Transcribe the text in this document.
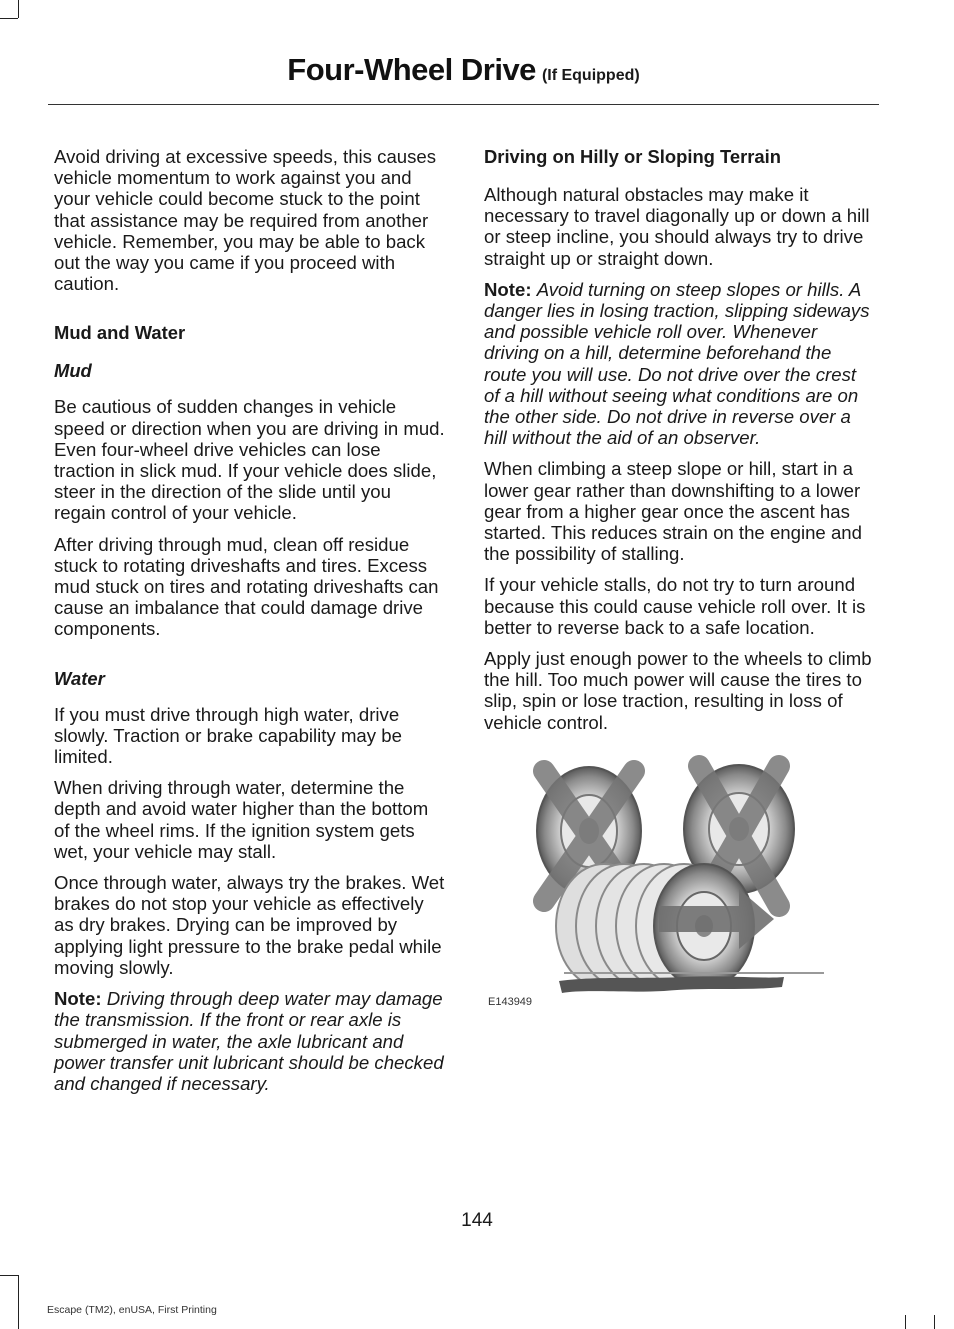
Four-Wheel Drive (If Equipped)

Avoid driving at excessive speeds, this causes vehicle momentum to work against you and your vehicle could become stuck to the point that assistance may be required from another vehicle. Remember, you may be able to back out the way you came if you proceed with caution.

Mud and Water
Mud

Be cautious of sudden changes in vehicle speed or direction when you are driving in mud. Even four-wheel drive vehicles can lose traction in slick mud. If your vehicle does slide, steer in the direction of the slide until you regain control of your vehicle.

After driving through mud, clean off residue stuck to rotating driveshafts and tires. Excess mud stuck on tires and rotating driveshafts can cause an imbalance that could damage drive components.

Water

If you must drive through high water, drive slowly. Traction or brake capability may be limited.

When driving through water, determine the depth and avoid water higher than the bottom of the wheel rims. If the ignition system gets wet, your vehicle may stall.

Once through water, always try the brakes. Wet brakes do not stop your vehicle as effectively as dry brakes. Drying can be improved by applying light pressure to the brake pedal while moving slowly.

Note: Driving through deep water may damage the transmission. If the front or rear axle is submerged in water, the axle lubricant and power transfer unit lubricant should be checked and changed if necessary.

Driving on Hilly or Sloping Terrain

Although natural obstacles may make it necessary to travel diagonally up or down a hill or steep incline, you should always try to drive straight up or straight down.

Note: Avoid turning on steep slopes or hills. A danger lies in losing traction, slipping sideways and possible vehicle roll over. Whenever driving on a hill, determine beforehand the route you will use. Do not drive over the crest of a hill without seeing what conditions are on the other side. Do not drive in reverse over a hill without the aid of an observer.

When climbing a steep slope or hill, start in a lower gear rather than downshifting to a lower gear from a higher gear once the ascent has started. This reduces strain on the engine and the possibility of stalling.

If your vehicle stalls, do not try to turn around because this could cause vehicle roll over. It is better to reverse back to a safe location.

Apply just enough power to the wheels to climb the hill. Too much power will cause the tires to slip, spin or lose traction, resulting in loss of vehicle control.

E143949
144
Escape (TM2), enUSA, First Printing
